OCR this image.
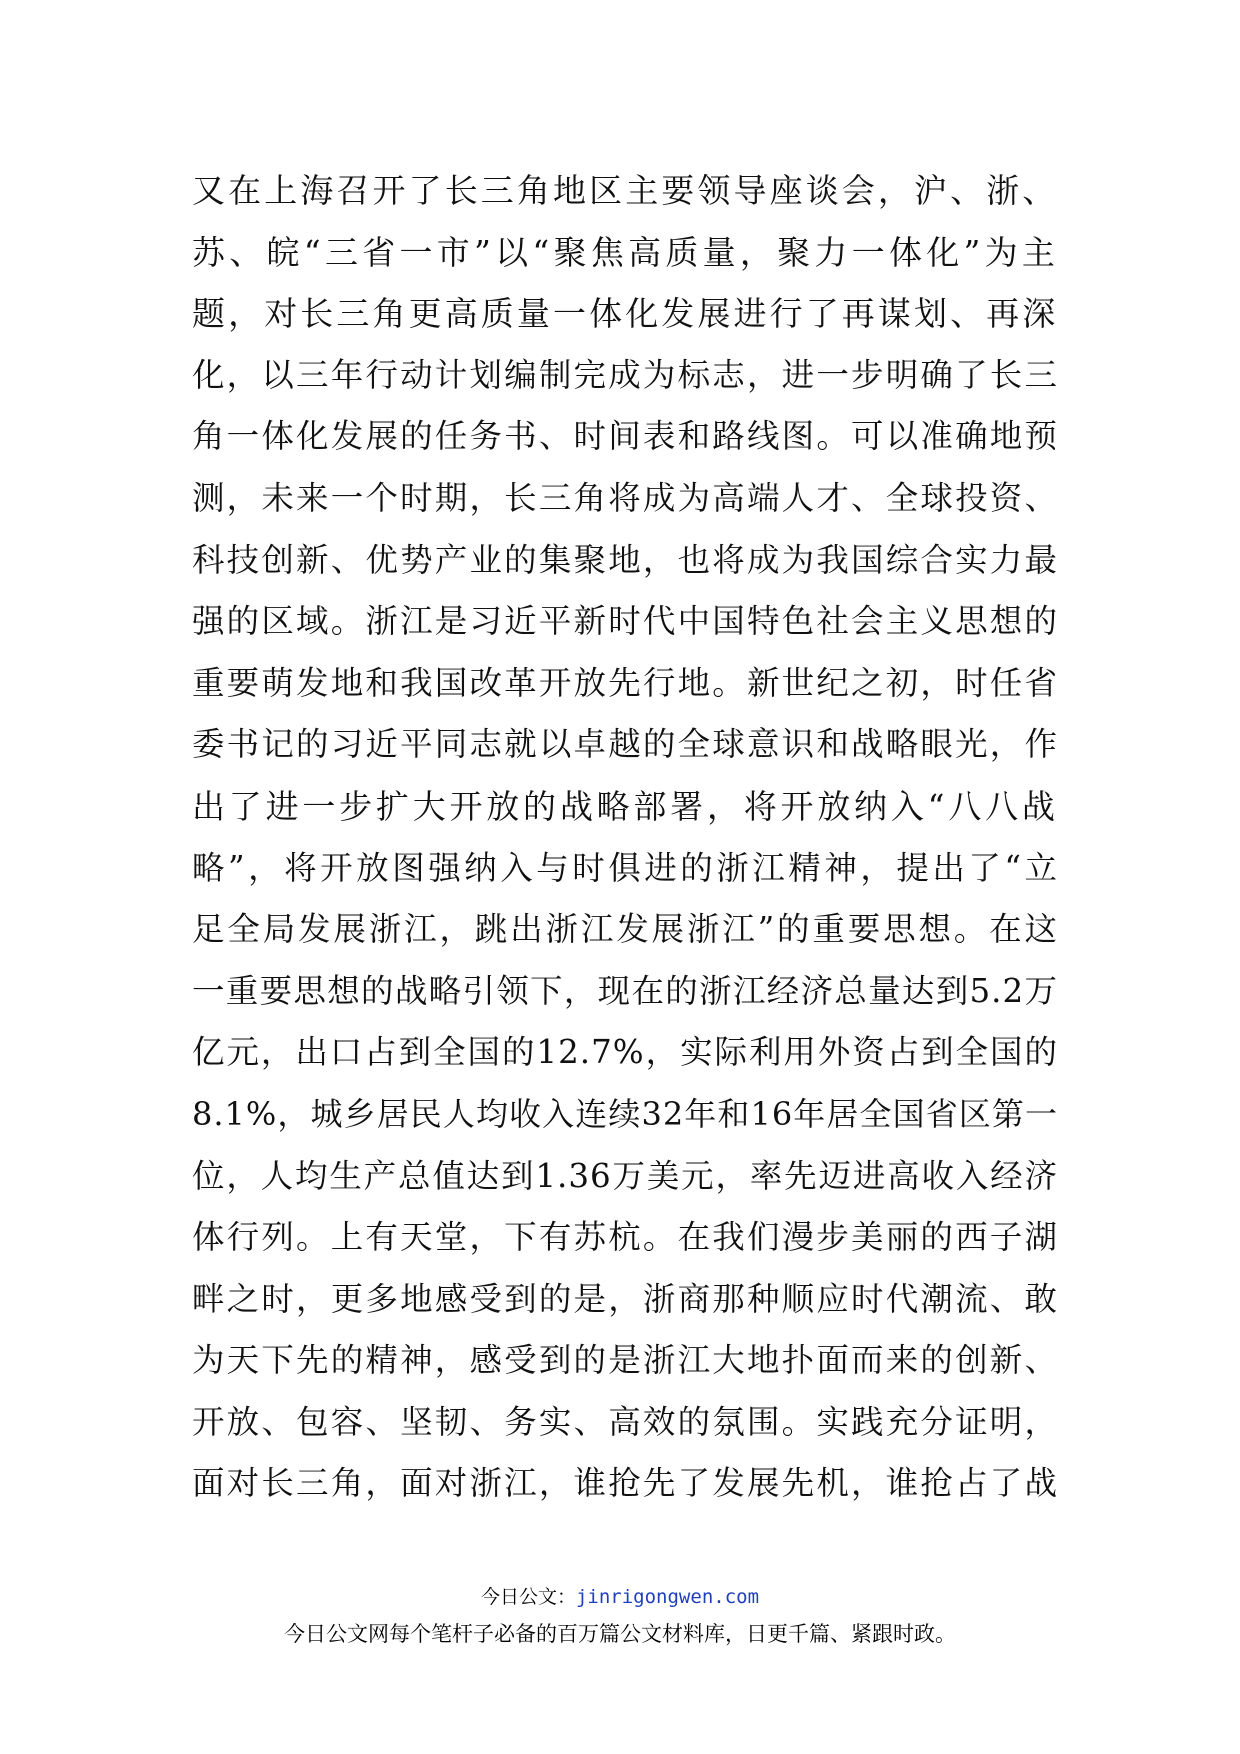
又在上海召开了长三角地区主要领导座谈会，沪、浙、
苏、皖“三省一市”以“聚焦高质量，聚力一体化”为主
题，对长三角更高质量一体化发展进行了再谋划、再深
化，以三年行动计划编制完成为标志，进一步明确了长三
角一体化发展的任务书、时间表和路线图。可以准确地预
测，未来一个时期，长三角将成为高端人才、全球投资、
科技创新、优势产业的集聚地，也将成为我国综合实力最
强的区域。浙江是习近平新时代中国特色社会主义思想的
重要萌发地和我国改革开放先行地。新世纪之初，时任省
委书记的习近平同志就以卓越的全球意识和战略眼光，作
出了进一步扩大开放的战略部署，将开放纳入“八八战
略”，将开放图强纳入与时俱进的浙江精神，提出了“立
足全局发展浙江，跳出浙江发展浙江”的重要思想。在这
一重要思想的战略引领下，现在的浙江经济总量达到5.2万
亿元，出口占到全国的12.7%，实际利用外资占到全国的
8.1%，城乡居民人均收入连续32年和16年居全国省区第一
位，人均生产总值达到1.36万美元，率先迈进高收入经济
体行列。上有天堂，下有苏杭。在我们漫步美丽的西子湖
畔之时，更多地感受到的是，浙商那种顺应时代潮流、敢
为天下先的精神，感受到的是浙江大地扑面而来的创新、
开放、包容、坚韧、务实、高效的氛围。实践充分证明，
面对长三角，面对浙江，谁抢先了发展先机，谁抢占了战
今日公文：jinrigongwen.com
今日公文网每个笔杆子必备的百万篇公文材料库，日更千篇、紧跟时政。
